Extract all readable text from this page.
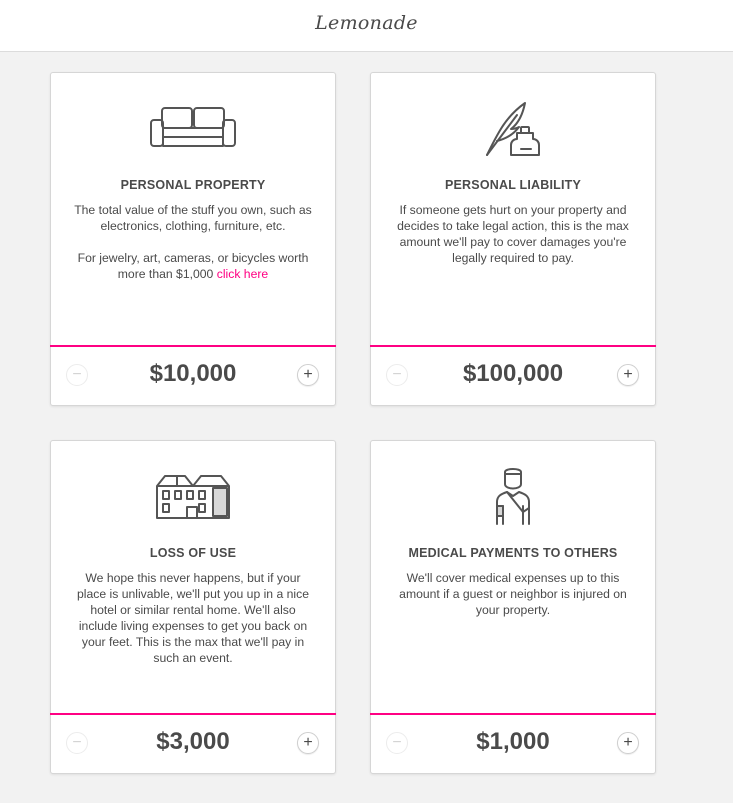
Lemonade
PERSONAL PROPERTY

The total value of the stuff you own, such as electronics, clothing, furniture, etc.

For jewelry, art, cameras, or bicycles worth more than $1,000 click here

−	$10,000	+
PERSONAL LIABILITY

If someone gets hurt on your property and decides to take legal action, this is the max amount we'll pay to cover damages you're legally required to pay.

−	$100,000	+
LOSS OF USE

We hope this never happens, but if your place is unlivable, we'll put you up in a nice hotel or similar rental home. We'll also include living expenses to get you back on your feet. This is the max that we'll pay in such an event.

−	$3,000	+
MEDICAL PAYMENTS TO OTHERS

We'll cover medical expenses up to this amount if a guest or neighbor is injured on your property.

−	$1,000	+
